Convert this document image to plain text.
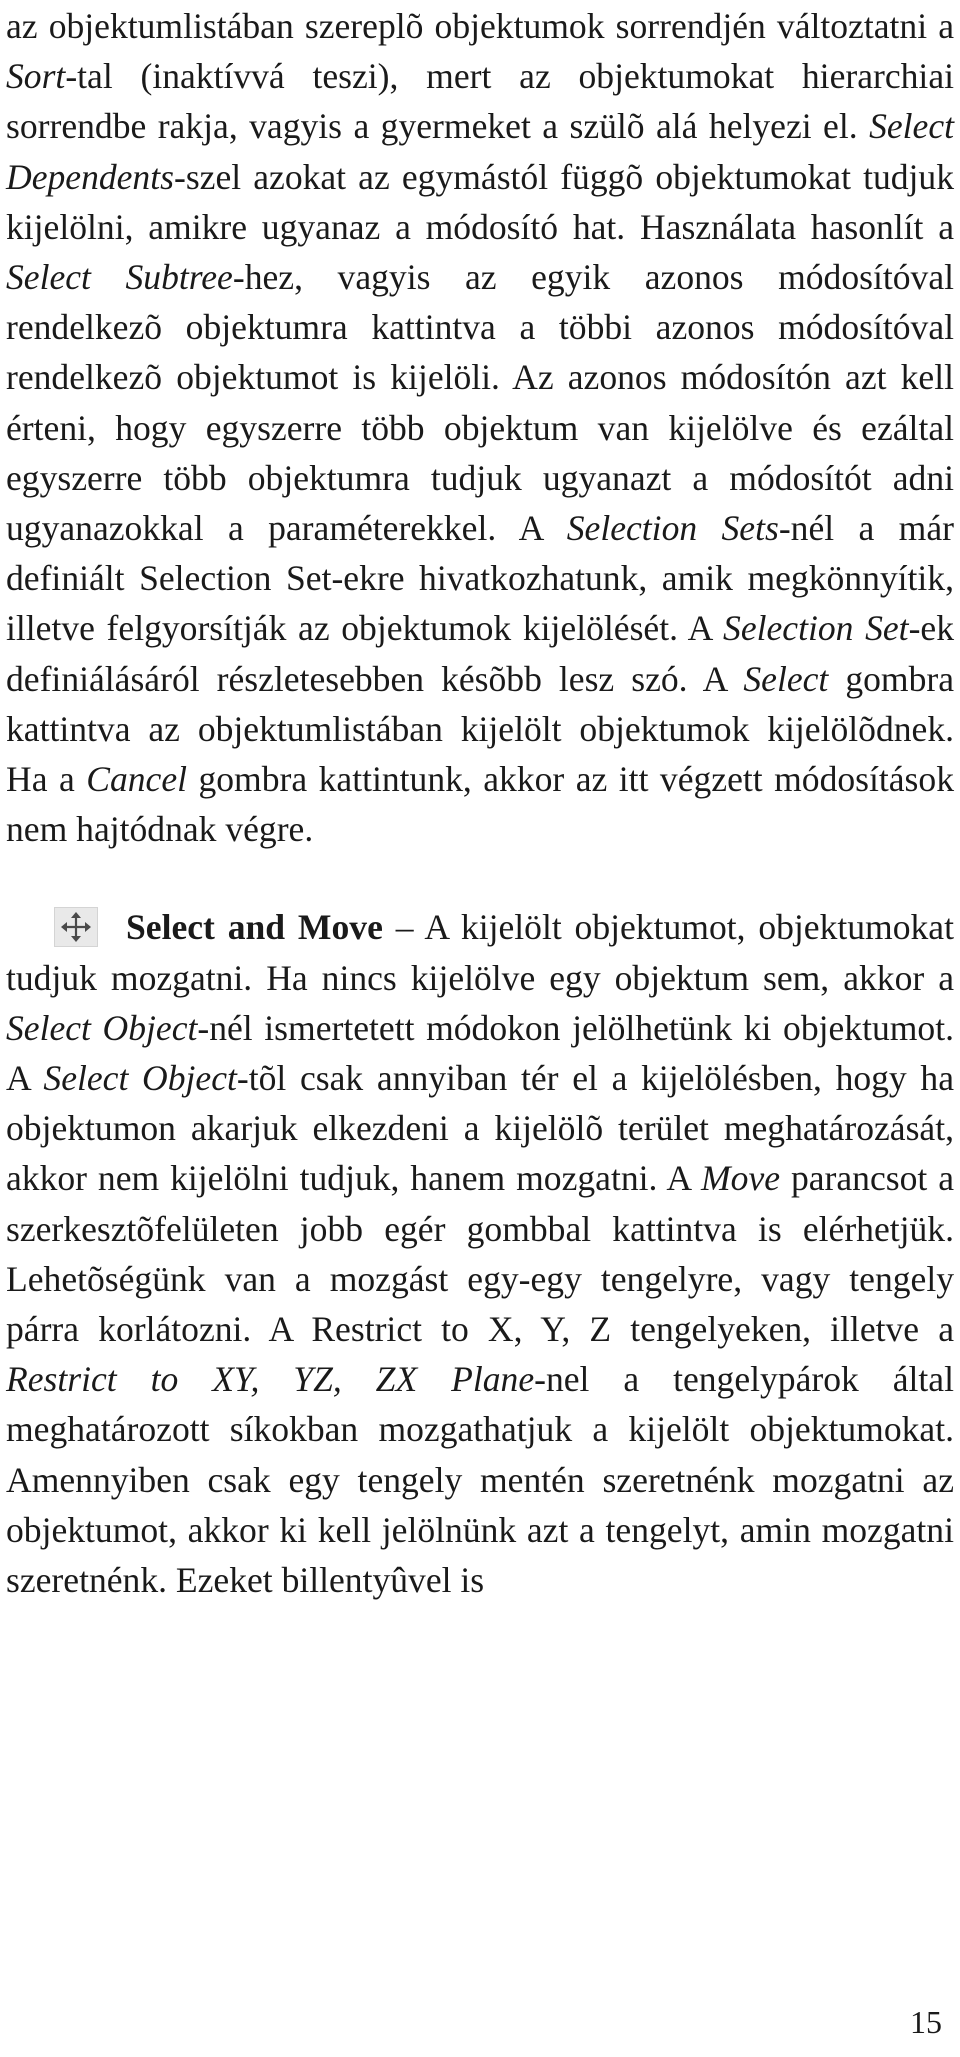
az objektumlistában szereplõ objektumok sorrendjén változtatni a Sort-tal (inaktívvá teszi), mert az objektumokat hierarchiai sorrendbe rakja, vagyis a gyermeket a szülõ alá helyezi el. Select Dependents-szel azokat az egymástól függõ objektumokat tudjuk kijelölni, amikre ugyanaz a módosító hat. Használata hasonlít a Select Subtree-hez, vagyis az egyik azonos módosítóval rendelkezõ objektumra kattintva a többi azonos módosítóval rendelkezõ objektumot is kijelöli. Az azonos módosítón azt kell érteni, hogy egyszerre több objektum van kijelölve és ezáltal egyszerre több objektumra tudjuk ugyanazt a módosítót adni ugyanazokkal a paraméterekkel. A Selection Sets-nél a már definiált Selection Set-ekre hivatkozhatunk, amik megkönnyítik, illetve felgyorsítják az objektumok kijelölését. A Selection Set-ek definiálásáról részletesebben késõbb lesz szó. A Select gombra kattintva az objektumlistában kijelölt objektumok kijelölõdnek. Ha a Cancel gombra kattintunk, akkor az itt végzett módosítások nem hajtódnak végre.

Select and Move – A kijelölt objektumot, objektumokat tudjuk mozgatni. Ha nincs kijelölve egy objektum sem, akkor a Select Object-nél ismertetett módokon jelölhetünk ki objektumot. A Select Object-tõl csak annyiban tér el a kijelölésben, hogy ha objektumon akarjuk elkezdeni a kijelölõ terület meghatározását, akkor nem kijelölni tudjuk, hanem mozgatni. A Move parancsot a szerkesztõfelületen jobb egér gombbal kattintva is elérhetjük. Lehetõségünk van a mozgást egy-egy tengelyre, vagy tengely párra korlátozni. A Restrict to X, Y, Z tengelyeken, illetve a Restrict to XY, YZ, ZX Plane-nel a tengelypárok által meghatározott síkokban mozgathatjuk a kijelölt objektumokat. Amennyiben csak egy tengely mentén szeretnénk mozgatni az objektumot, akkor ki kell jelölnünk azt a tengelyt, amin mozgatni szeretnénk. Ezeket billentyûvel is

15
